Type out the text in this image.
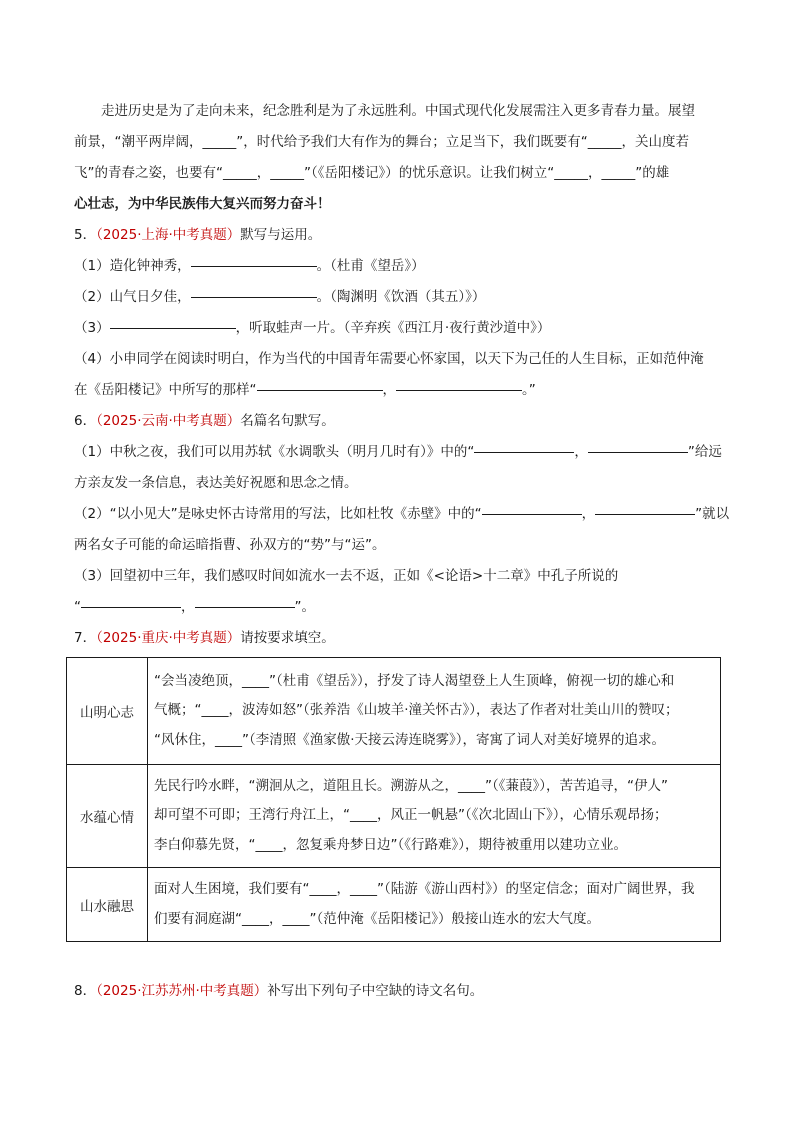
走进历史是为了走向未来，纪念胜利是为了永远胜利。中国式现代化发展需注入更多青春力量。展望
前景，“潮平两岸阔，_____”，时代给予我们大有作为的舞台；立足当下，我们既要有“_____，关山度若
飞”的青春之姿，也要有“_____，_____”（《岳阳楼记》）的忧乐意识。让我们树立“_____，_____”的雄
心壮志，为中华民族伟大复兴而努力奋斗！
5．（2025·上海·中考真题）默写与运用。
（1）造化钟神秀，	。（杜甫《望岳》）
（2）山气日夕佳，	。（陶渊明《饮酒（其五）》）
（3）	，听取蛙声一片。（辛弃疾《西江月·夜行黄沙道中》）
（4）小申同学在阅读时明白，作为当代的中国青年需要心怀家国，以天下为己任的人生目标，正如范仲淹
在《岳阳楼记》中所写的那样“	，	。”
6．（2025·云南·中考真题）名篇名句默写。
（1）中秋之夜，我们可以用苏轼《水调歌头（明月几时有）》中的“	，	”给远
方亲友发一条信息，表达美好祝愿和思念之情。
（2）“以小见大”是咏史怀古诗常用的写法，比如杜牧《赤壁》中的“	，	”就以
两名女子可能的命运暗指曹、孙双方的“势”与“运”。
（3）回望初中三年，我们感叹时间如流水一去不返，正如《<论语>十二章》中孔子所说的
“	，	”。
7．（2025·重庆·中考真题）请按要求填空。
山明心志	“会当凌绝顶，____”（杜甫《望岳》），抒发了诗人渴望登上人生顶峰，俯视一切的雄心和
气概；“____，波涛如怒”（张养浩《山坡羊·潼关怀古》），表达了作者对壮美山川的赞叹；
“风休住，____”（李清照《渔家傲·天接云涛连晓雾》），寄寓了词人对美好境界的追求。

水蕴心情	先民行吟水畔，“溯洄从之，道阻且长。溯游从之，____”（《蒹葭》），苦苦追寻，“伊人”
却可望不可即；王湾行舟江上，“____，风正一帆悬”（《次北固山下》），心情乐观昂扬；
李白仰慕先贤，“____，忽复乘舟梦日边”（《行路难》），期待被重用以建功立业。

山水融思	面对人生困境，我们要有“____，____”（陆游《游山西村》）的坚定信念；面对广阔世界，我
们要有洞庭湖“____，____”（范仲淹《岳阳楼记》）般接山连水的宏大气度。
8．（2025·江苏苏州·中考真题）补写出下列句子中空缺的诗文名句。
